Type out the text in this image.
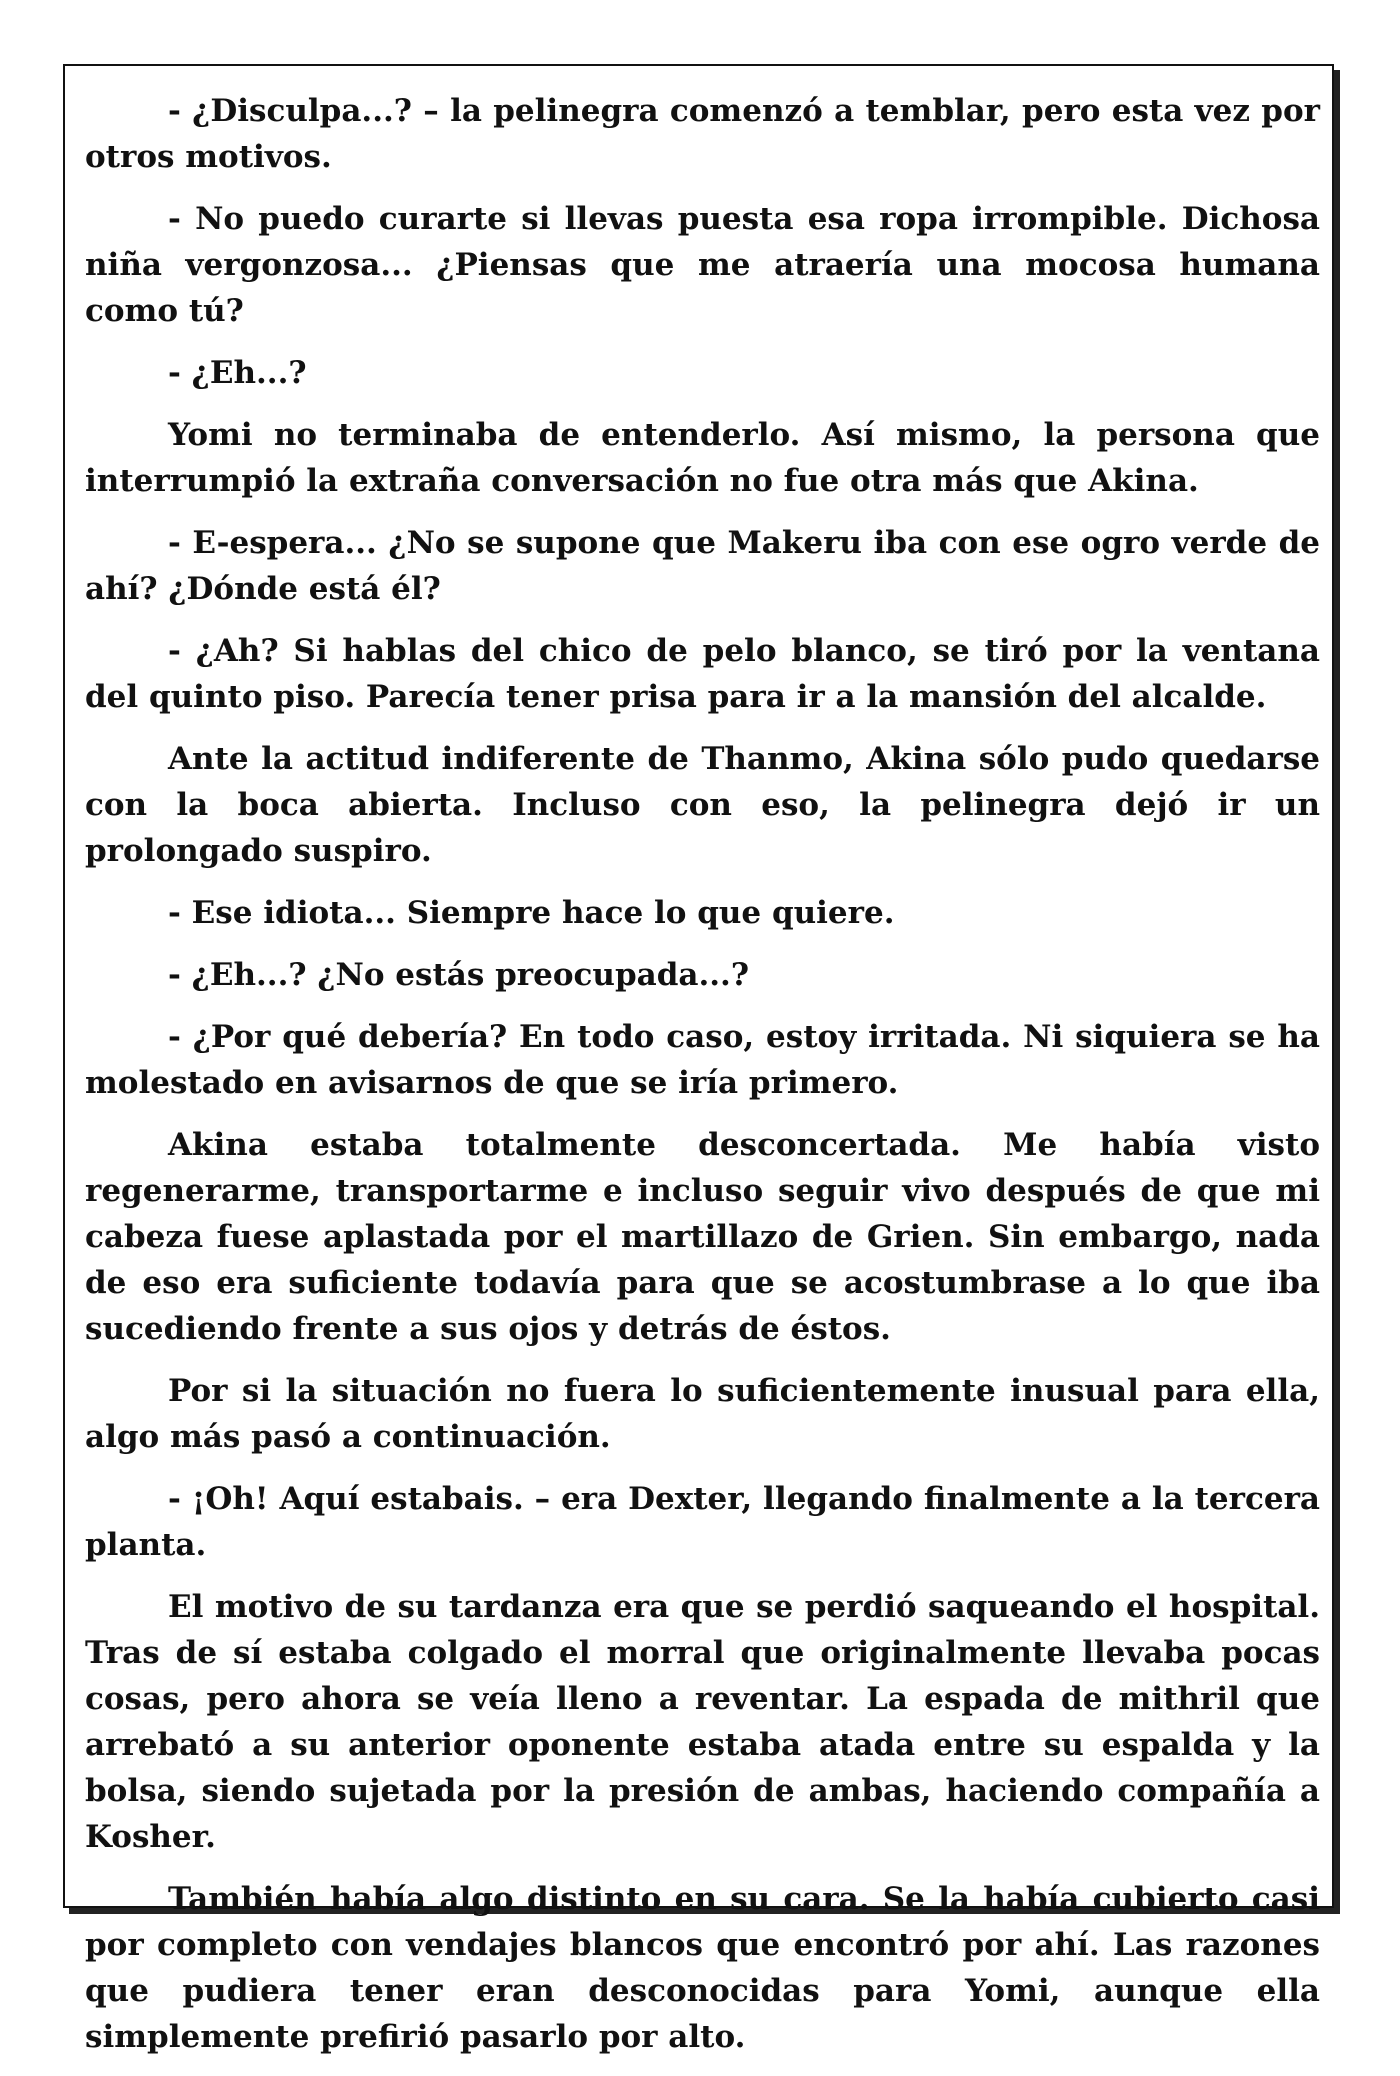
- ¿Disculpa...? – la pelinegra comenzó a temblar, pero esta vez por otros motivos.

- No puedo curarte si llevas puesta esa ropa irrompible. Dichosa niña vergonzosa... ¿Piensas que me atraería una mocosa humana como tú?

- ¿Eh...?

Yomi no terminaba de entenderlo. Así mismo, la persona que interrumpió la extraña conversación no fue otra más que Akina.

- E-espera... ¿No se supone que Makeru iba con ese ogro verde de ahí? ¿Dónde está él?

- ¿Ah? Si hablas del chico de pelo blanco, se tiró por la ventana del quinto piso. Parecía tener prisa para ir a la mansión del alcalde.

Ante la actitud indiferente de Thanmo, Akina sólo pudo quedarse con la boca abierta. Incluso con eso, la pelinegra dejó ir un prolongado suspiro.

- Ese idiota... Siempre hace lo que quiere.

- ¿Eh...? ¿No estás preocupada...?

- ¿Por qué debería? En todo caso, estoy irritada. Ni siquiera se ha molestado en avisarnos de que se iría primero.

Akina estaba totalmente desconcertada. Me había visto regenerarme, transportarme e incluso seguir vivo después de que mi cabeza fuese aplastada por el martillazo de Grien. Sin embargo, nada de eso era suficiente todavía para que se acostumbrase a lo que iba sucediendo frente a sus ojos y detrás de éstos.

Por si la situación no fuera lo suficientemente inusual para ella, algo más pasó a continuación.

- ¡Oh! Aquí estabais. – era Dexter, llegando finalmente a la tercera planta.

El motivo de su tardanza era que se perdió saqueando el hospital. Tras de sí estaba colgado el morral que originalmente llevaba pocas cosas, pero ahora se veía lleno a reventar. La espada de mithril que arrebató a su anterior oponente estaba atada entre su espalda y la bolsa, siendo sujetada por la presión de ambas, haciendo compañía a Kosher.

También había algo distinto en su cara. Se la había cubierto casi por completo con vendajes blancos que encontró por ahí. Las razones que pudiera tener eran desconocidas para Yomi, aunque ella simplemente prefirió pasarlo por alto.
